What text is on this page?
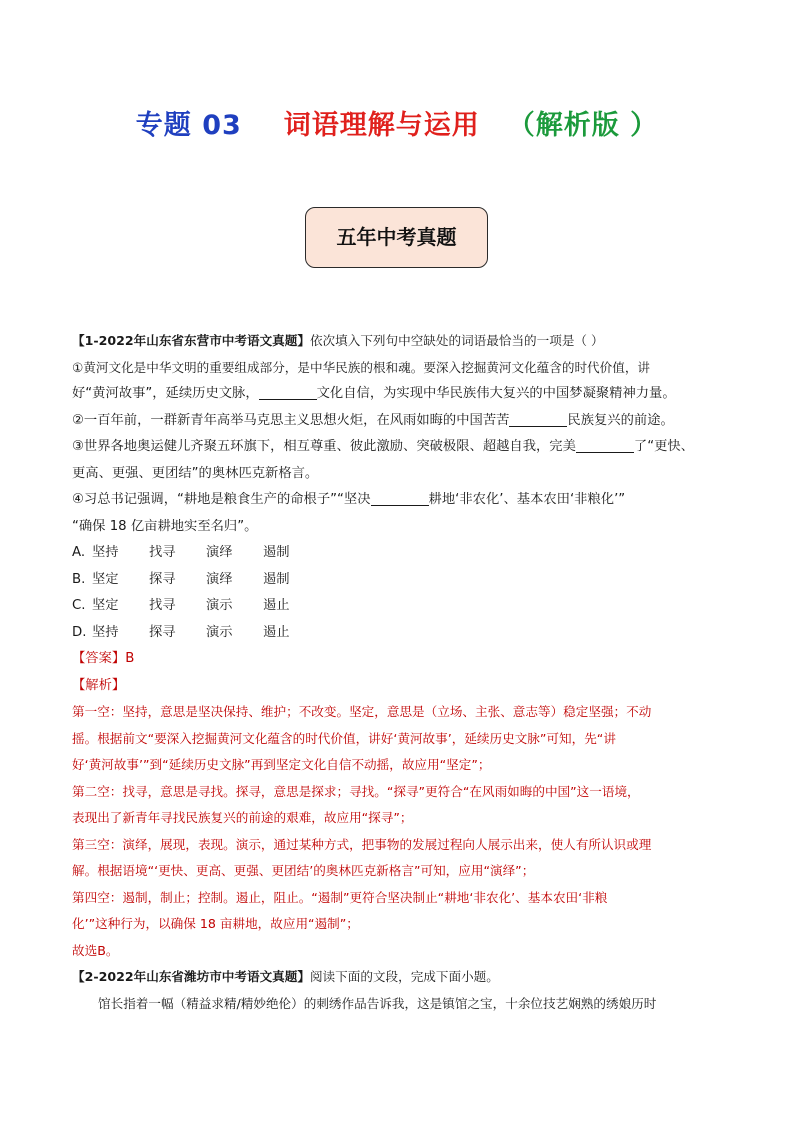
专题 03 词语理解与运用 （解析版 ）
五年中考真题
【1-2022年山东省东营市中考语文真题】依次填入下列句中空缺处的词语最恰当的一项是（ ）
①黄河文化是中华文明的重要组成部分，是中华民族的根和魂。要深入挖掘黄河文化蕴含的时代价值，讲
好“黄河故事”，延续历史文脉，	文化自信，为实现中华民族伟大复兴的中国梦凝聚精神力量。
②一百年前，一群新青年高举马克思主义思想火炬，在风雨如晦的中国苦苦	民族复兴的前途。
③世界各地奥运健儿齐聚五环旗下，相互尊重、彼此激励、突破极限、超越自我，完美	了“更快、
更高、更强、更团结”的奥林匹克新格言。
④习总书记强调，“耕地是粮食生产的命根子”“坚决	耕地‘非农化’、基本农田‘非粮化’”
“确保 18 亿亩耕地实至名归”。
A. 坚持 找寻 演绎 遏制
B. 坚定 探寻 演绎 遏制
C. 坚定 找寻 演示 遏止
D. 坚持 探寻 演示 遏止
【答案】B
【解析】
第一空：坚持，意思是坚决保持、维护；不改变。坚定，意思是（立场、主张、意志等）稳定坚强；不动
摇。根据前文“要深入挖掘黄河文化蕴含的时代价值，讲好‘黄河故事’，延续历史文脉”可知，先“讲
好‘黄河故事’”到“延续历史文脉”再到坚定文化自信不动摇，故应用“坚定”；
第二空：找寻，意思是寻找。探寻，意思是探求；寻找。“探寻”更符合“在风雨如晦的中国”这一语境，
表现出了新青年寻找民族复兴的前途的艰难，故应用“探寻”；
第三空：演绎，展现，表现。演示，通过某种方式，把事物的发展过程向人展示出来，使人有所认识或理
解。根据语境“‘更快、更高、更强、更团结’的奥林匹克新格言”可知，应用“演绎”；
第四空：遏制，制止；控制。遏止，阻止。“遏制”更符合坚决制止“耕地‘非农化’、基本农田‘非粮
化’”这种行为，以确保 18 亩耕地，故应用“遏制”；
故选B。
【2-2022年山东省潍坊市中考语文真题】阅读下面的文段，完成下面小题。
馆长指着一幅（精益求精/精妙绝伦）的刺绣作品告诉我，这是镇馆之宝，十余位技艺娴熟的绣娘历时
